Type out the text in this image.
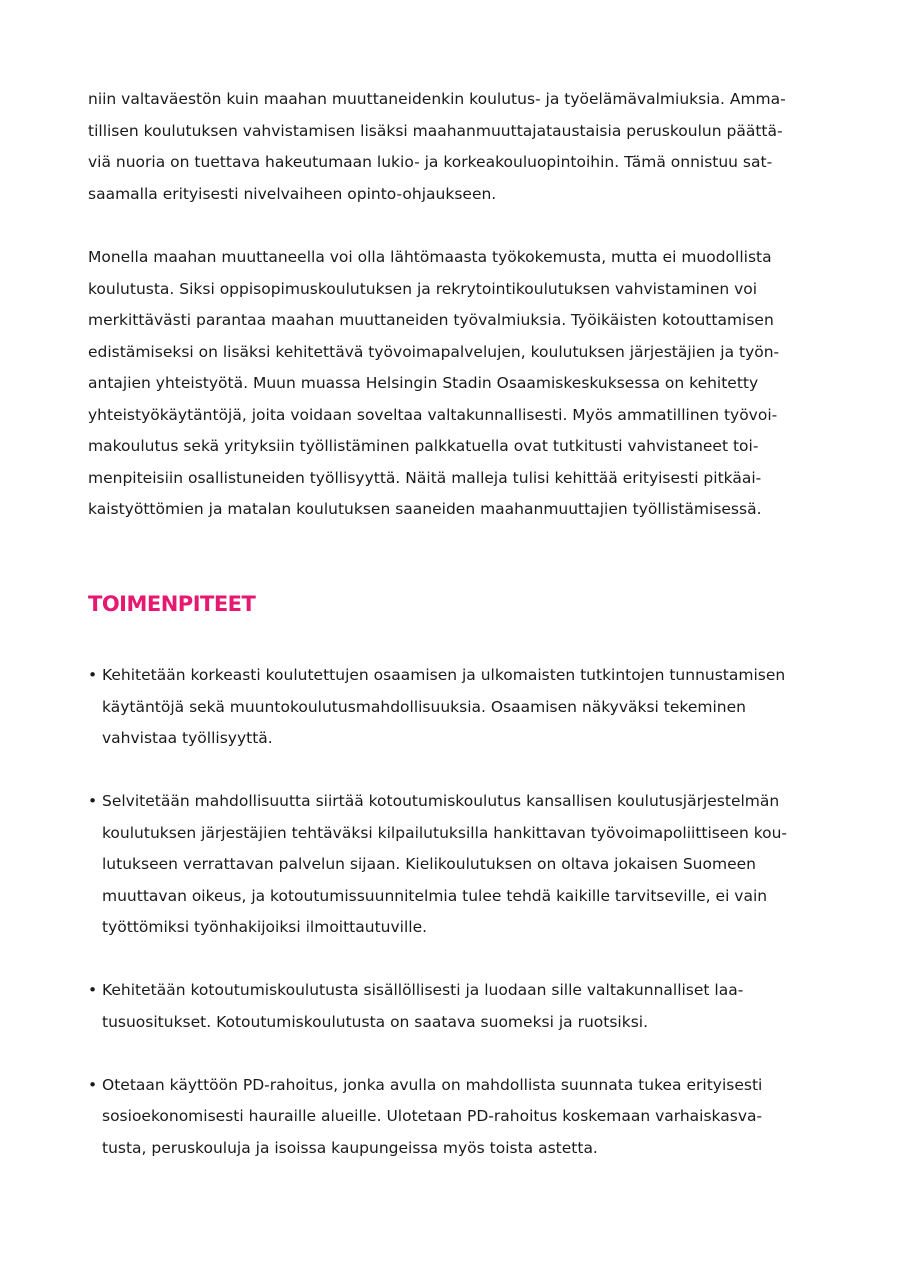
niin valtaväestön kuin maahan muuttaneidenkin koulutus- ja työelämävalmiuksia. Amma-
tillisen koulutuksen vahvistamisen lisäksi maahanmuuttajataustaisia peruskoulun päättä-
viä nuoria on tuettava hakeutumaan lukio- ja korkeakouluopintoihin. Tämä onnistuu sat-
saamalla erityisesti nivelvaiheen opinto-ohjaukseen.

Monella maahan muuttaneella voi olla lähtömaasta työkokemusta, mutta ei muodollista
koulutusta. Siksi oppisopimuskoulutuksen ja rekrytointikoulutuksen vahvistaminen voi
merkittävästi parantaa maahan muuttaneiden työvalmiuksia. Työikäisten kotouttamisen
edistämiseksi on lisäksi kehitettävä työvoimapalvelujen, koulutuksen järjestäjien ja työn-
antajien yhteistyötä. Muun muassa Helsingin Stadin Osaamiskeskuksessa on kehitetty
yhteistyökäytäntöjä, joita voidaan soveltaa valtakunnallisesti. Myös ammatillinen työvoi-
makoulutus sekä yrityksiin työllistäminen palkkatuella ovat tutkitusti vahvistaneet toi-
menpiteisiin osallistuneiden työllisyyttä. Näitä malleja tulisi kehittää erityisesti pitkäai-
kaistyöttömien ja matalan koulutuksen saaneiden maahanmuuttajien työllistämisessä.

TOIMENPITEET
• Kehitetään korkeasti koulutettujen osaamisen ja ulkomaisten tutkintojen tunnustamisen
käytäntöjä sekä muuntokoulutusmahdollisuuksia. Osaamisen näkyväksi tekeminen
vahvistaa työllisyyttä.
• Selvitetään mahdollisuutta siirtää kotoutumiskoulutus kansallisen koulutusjärjestelmän
koulutuksen järjestäjien tehtäväksi kilpailutuksilla hankittavan työvoimapoliittiseen kou-
lutukseen verrattavan palvelun sijaan. Kielikoulutuksen on oltava jokaisen Suomeen
muuttavan oikeus, ja kotoutumissuunnitelmia tulee tehdä kaikille tarvitseville, ei vain
työttömiksi työnhakijoiksi ilmoittautuville.
• Kehitetään kotoutumiskoulutusta sisällöllisesti ja luodaan sille valtakunnalliset laa-
tusuositukset. Kotoutumiskoulutusta on saatava suomeksi ja ruotsiksi.
• Otetaan käyttöön PD-rahoitus, jonka avulla on mahdollista suunnata tukea erityisesti
sosioekonomisesti hauraille alueille. Ulotetaan PD-rahoitus koskemaan varhaiskasva-
tusta, peruskouluja ja isoissa kaupungeissa myös toista astetta.
